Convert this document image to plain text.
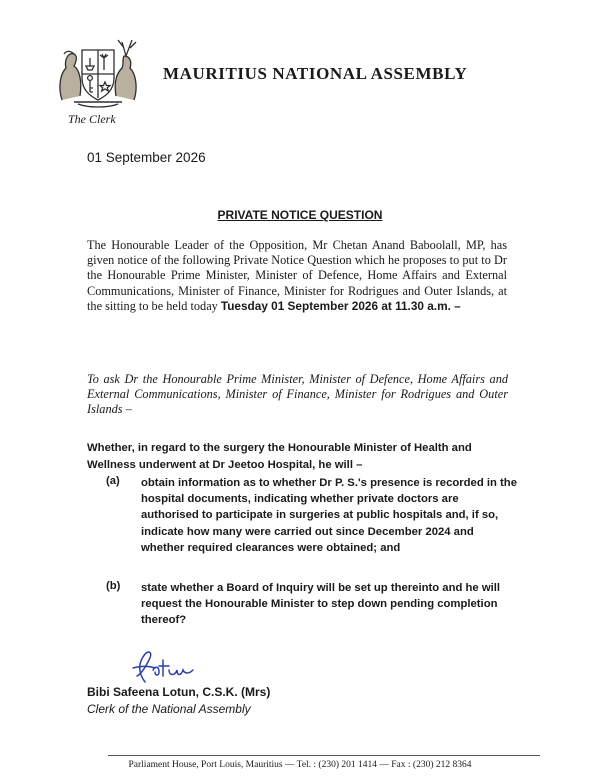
MAURITIUS NATIONAL ASSEMBLY
The Clerk
01 September 2026
PRIVATE NOTICE QUESTION

The Honourable Leader of the Opposition, Mr Chetan Anand Baboolall, MP, has given notice of the following Private Notice Question which he proposes to put to Dr the Honourable Prime Minister, Minister of Defence, Home Affairs and External Communications, Minister of Finance, Minister for Rodrigues and Outer Islands, at the sitting to be held today Tuesday 01 September 2026 at 11.30 a.m. –

To ask Dr the Honourable Prime Minister, Minister of Defence, Home Affairs and External Communications, Minister of Finance, Minister for Rodrigues and Outer Islands –

Whether, in regard to the surgery the Honourable Minister of Health and Wellness underwent at Dr Jeetoo Hospital, he will –

(a) obtain information as to whether Dr P. S.'s presence is recorded in the hospital documents, indicating whether private doctors are authorised to participate in surgeries at public hospitals and, if so, indicate how many were carried out since December 2024 and whether required clearances were obtained; and

(b) state whether a Board of Inquiry will be set up thereinto and he will request the Honourable Minister to step down pending completion thereof?

Bibi Safeena Lotun, C.S.K. (Mrs)
Clerk of the National Assembly
Parliament House, Port Louis, Mauritius — Tel. : (230) 201 1414 — Fax : (230) 212 8364
